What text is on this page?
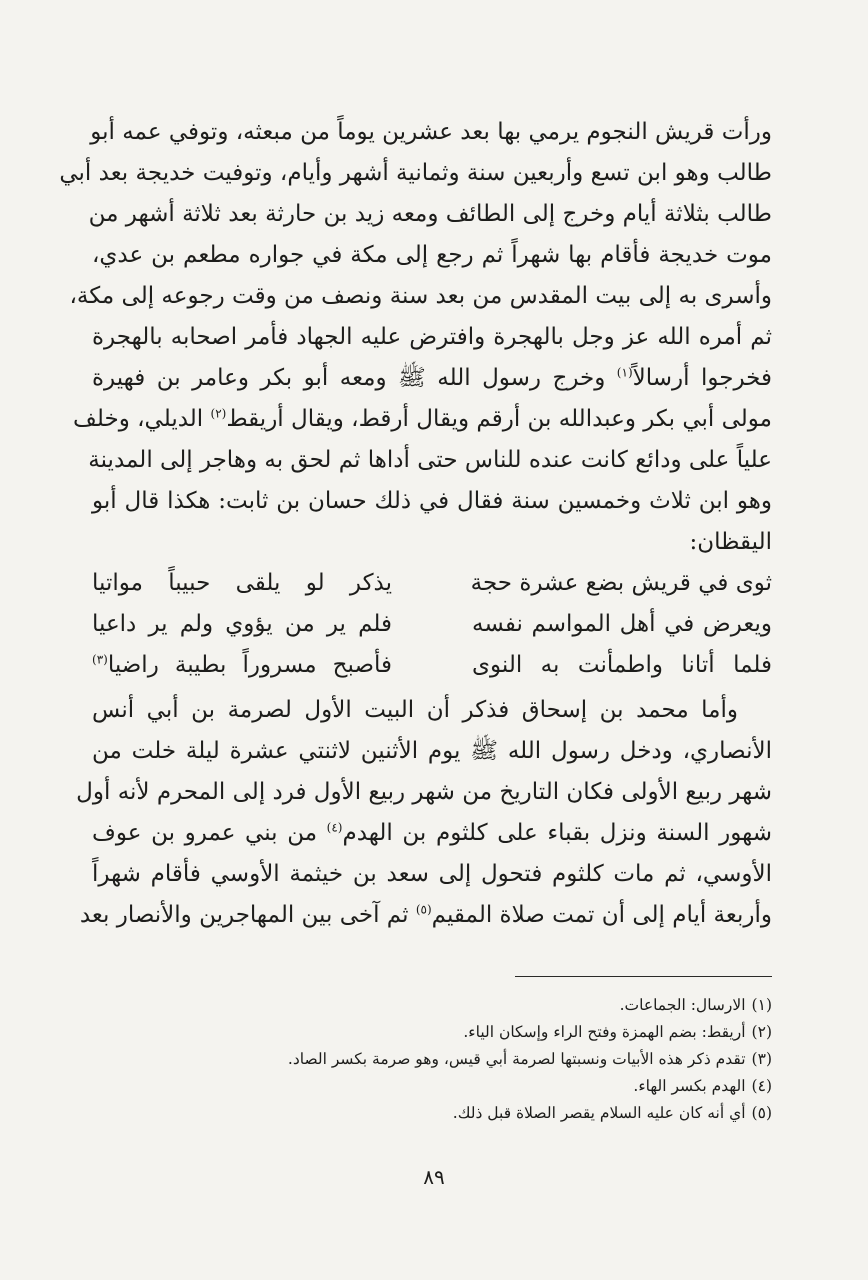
ورأت قريش النجوم يرمي بها بعد عشرين يوماً من مبعثه، وتوفي عمه أبو
طالب وهو ابن تسع وأربعين سنة وثمانية أشهر وأيام، وتوفيت خديجة بعد أبي
طالب بثلاثة أيام وخرج إلى الطائف ومعه زيد بن حارثة بعد ثلاثة أشهر من
موت خديجة فأقام بها شهراً ثم رجع إلى مكة في جواره مطعم بن عدي،
وأسرى به إلى بيت المقدس من بعد سنة ونصف من وقت رجوعه إلى مكة،
ثم أمره الله عز وجل بالهجرة وافترض عليه الجهاد فأمر اصحابه بالهجرة
فخرجوا أرسالاً$^{(١)}$ وخرج رسول الله ﷺ ومعه أبو بكر وعامر بن فهيرة
مولى أبي بكر وعبدالله بن أرقم ويقال أرقط، ويقال أريقط$^{(٢)}$ الديلي، وخلف
علياً على ودائع كانت عنده للناس حتى أداها ثم لحق به وهاجر إلى المدينة
وهو ابن ثلاث وخمسين سنة فقال في ذلك حسان بن ثابت: هكذا قال أبو
اليقظان:
ثوى في قريش بضع عشرة حجة
يذكر لو يلقى حبيباً مواتيا
ويعرض في أهل المواسم نفسه
فلم ير من يؤوي ولم ير داعيا
فلما أتانا واطمأنت به النوى
فأصبح مسروراً بطيبة راضيا$^{(٣)}$
وأما محمد بن إسحاق فذكر أن البيت الأول لصرمة بن أبي أنس
الأنصاري، ودخل رسول الله ﷺ يوم الأثنين لاثنتي عشرة ليلة خلت من
شهر ربيع الأولى فكان التاريخ من شهر ربيع الأول فرد إلى المحرم لأنه أول
شهور السنة ونزل بقباء على كلثوم بن الهدم$^{(٤)}$ من بني عمرو بن عوف
الأوسي، ثم مات كلثوم فتحول إلى سعد بن خيثمة الأوسي فأقام شهراً
وأربعة أيام إلى أن تمت صلاة المقيم$^{(٥)}$ ثم آخى بين المهاجرين والأنصار بعد
(١)الارسال: الجماعات.
(٢)أريقط: بضم الهمزة وفتح الراء وإسكان الياء.
(٣)تقدم ذكر هذه الأبيات ونسبتها لصرمة أبي قيس، وهو صرمة بكسر الصاد.
(٤)الهدم بكسر الهاء.
(٥)أي أنه كان عليه السلام يقصر الصلاة قبل ذلك.
٨٩
